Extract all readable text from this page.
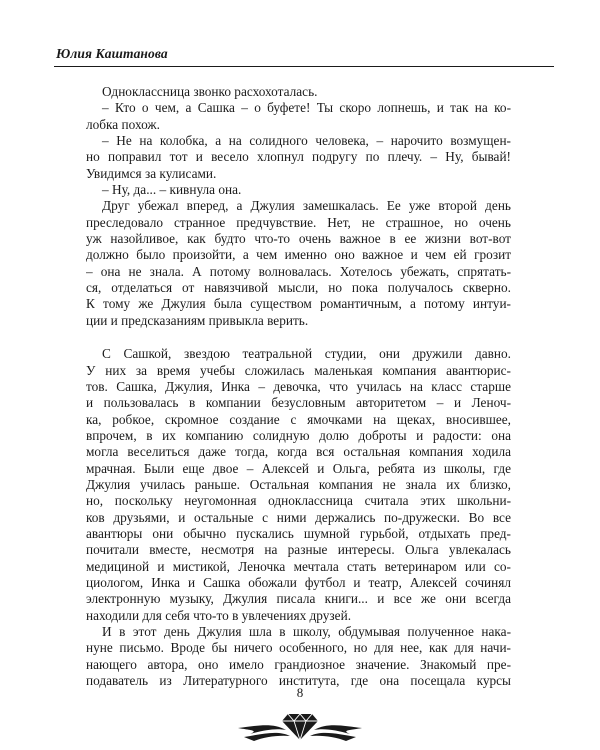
Юлия Каштанова
Одноклассница звонко расхохоталась.
– Кто о чем, а Сашка – о буфете! Ты скоро лопнешь, и так на ко-
лобка похож.
– Не на колобка, а на солидного человека, – нарочито возмущен-
но поправил тот и весело хлопнул подругу по плечу. – Ну, бывай!
Увидимся за кулисами.
– Ну, да... – кивнула она.
Друг убежал вперед, а Джулия замешкалась. Ее уже второй день
преследовало странное предчувствие. Нет, не страшное, но очень
уж назойливое, как будто что-то очень важное в ее жизни вот-вот
должно было произойти, а чем именно оно важное и чем ей грозит
– она не знала. А потому волновалась. Хотелось убежать, спрятать-
ся, отделаться от навязчивой мысли, но пока получалось скверно.
К тому же Джулия была существом романтичным, а потому интуи-
ции и предсказаниям привыкла верить.
С Сашкой, звездою театральной студии, они дружили давно.
У них за время учебы сложилась маленькая компания авантюрис-
тов. Сашка, Джулия, Инка – девочка, что училась на класс старше
и пользовалась в компании безусловным авторитетом – и Леноч-
ка, робкое, скромное создание с ямочками на щеках, вносившее,
впрочем, в их компанию солидную долю доброты и радости: она
могла веселиться даже тогда, когда вся остальная компания ходила
мрачная. Были еще двое – Алексей и Ольга, ребята из школы, где
Джулия училась раньше. Остальная компания не знала их близко,
но, поскольку неугомонная одноклассница считала этих школьни-
ков друзьями, и остальные с ними держались по-дружески. Во все
авантюры они обычно пускались шумной гурьбой, отдыхать пред-
почитали вместе, несмотря на разные интересы. Ольга увлекалась
медициной и мистикой, Леночка мечтала стать ветеринаром или со-
циологом, Инка и Сашка обожали футбол и театр, Алексей сочинял
электронную музыку, Джулия писала книги... и все же они всегда
находили для себя что-то в увлечениях друзей.
И в этот день Джулия шла в школу, обдумывая полученное нака-
нуне письмо. Вроде бы ничего особенного, но для нее, как для начи-
нающего автора, оно имело грандиозное значение. Знакомый пре-
подаватель из Литературного института, где она посещала курсы
8
